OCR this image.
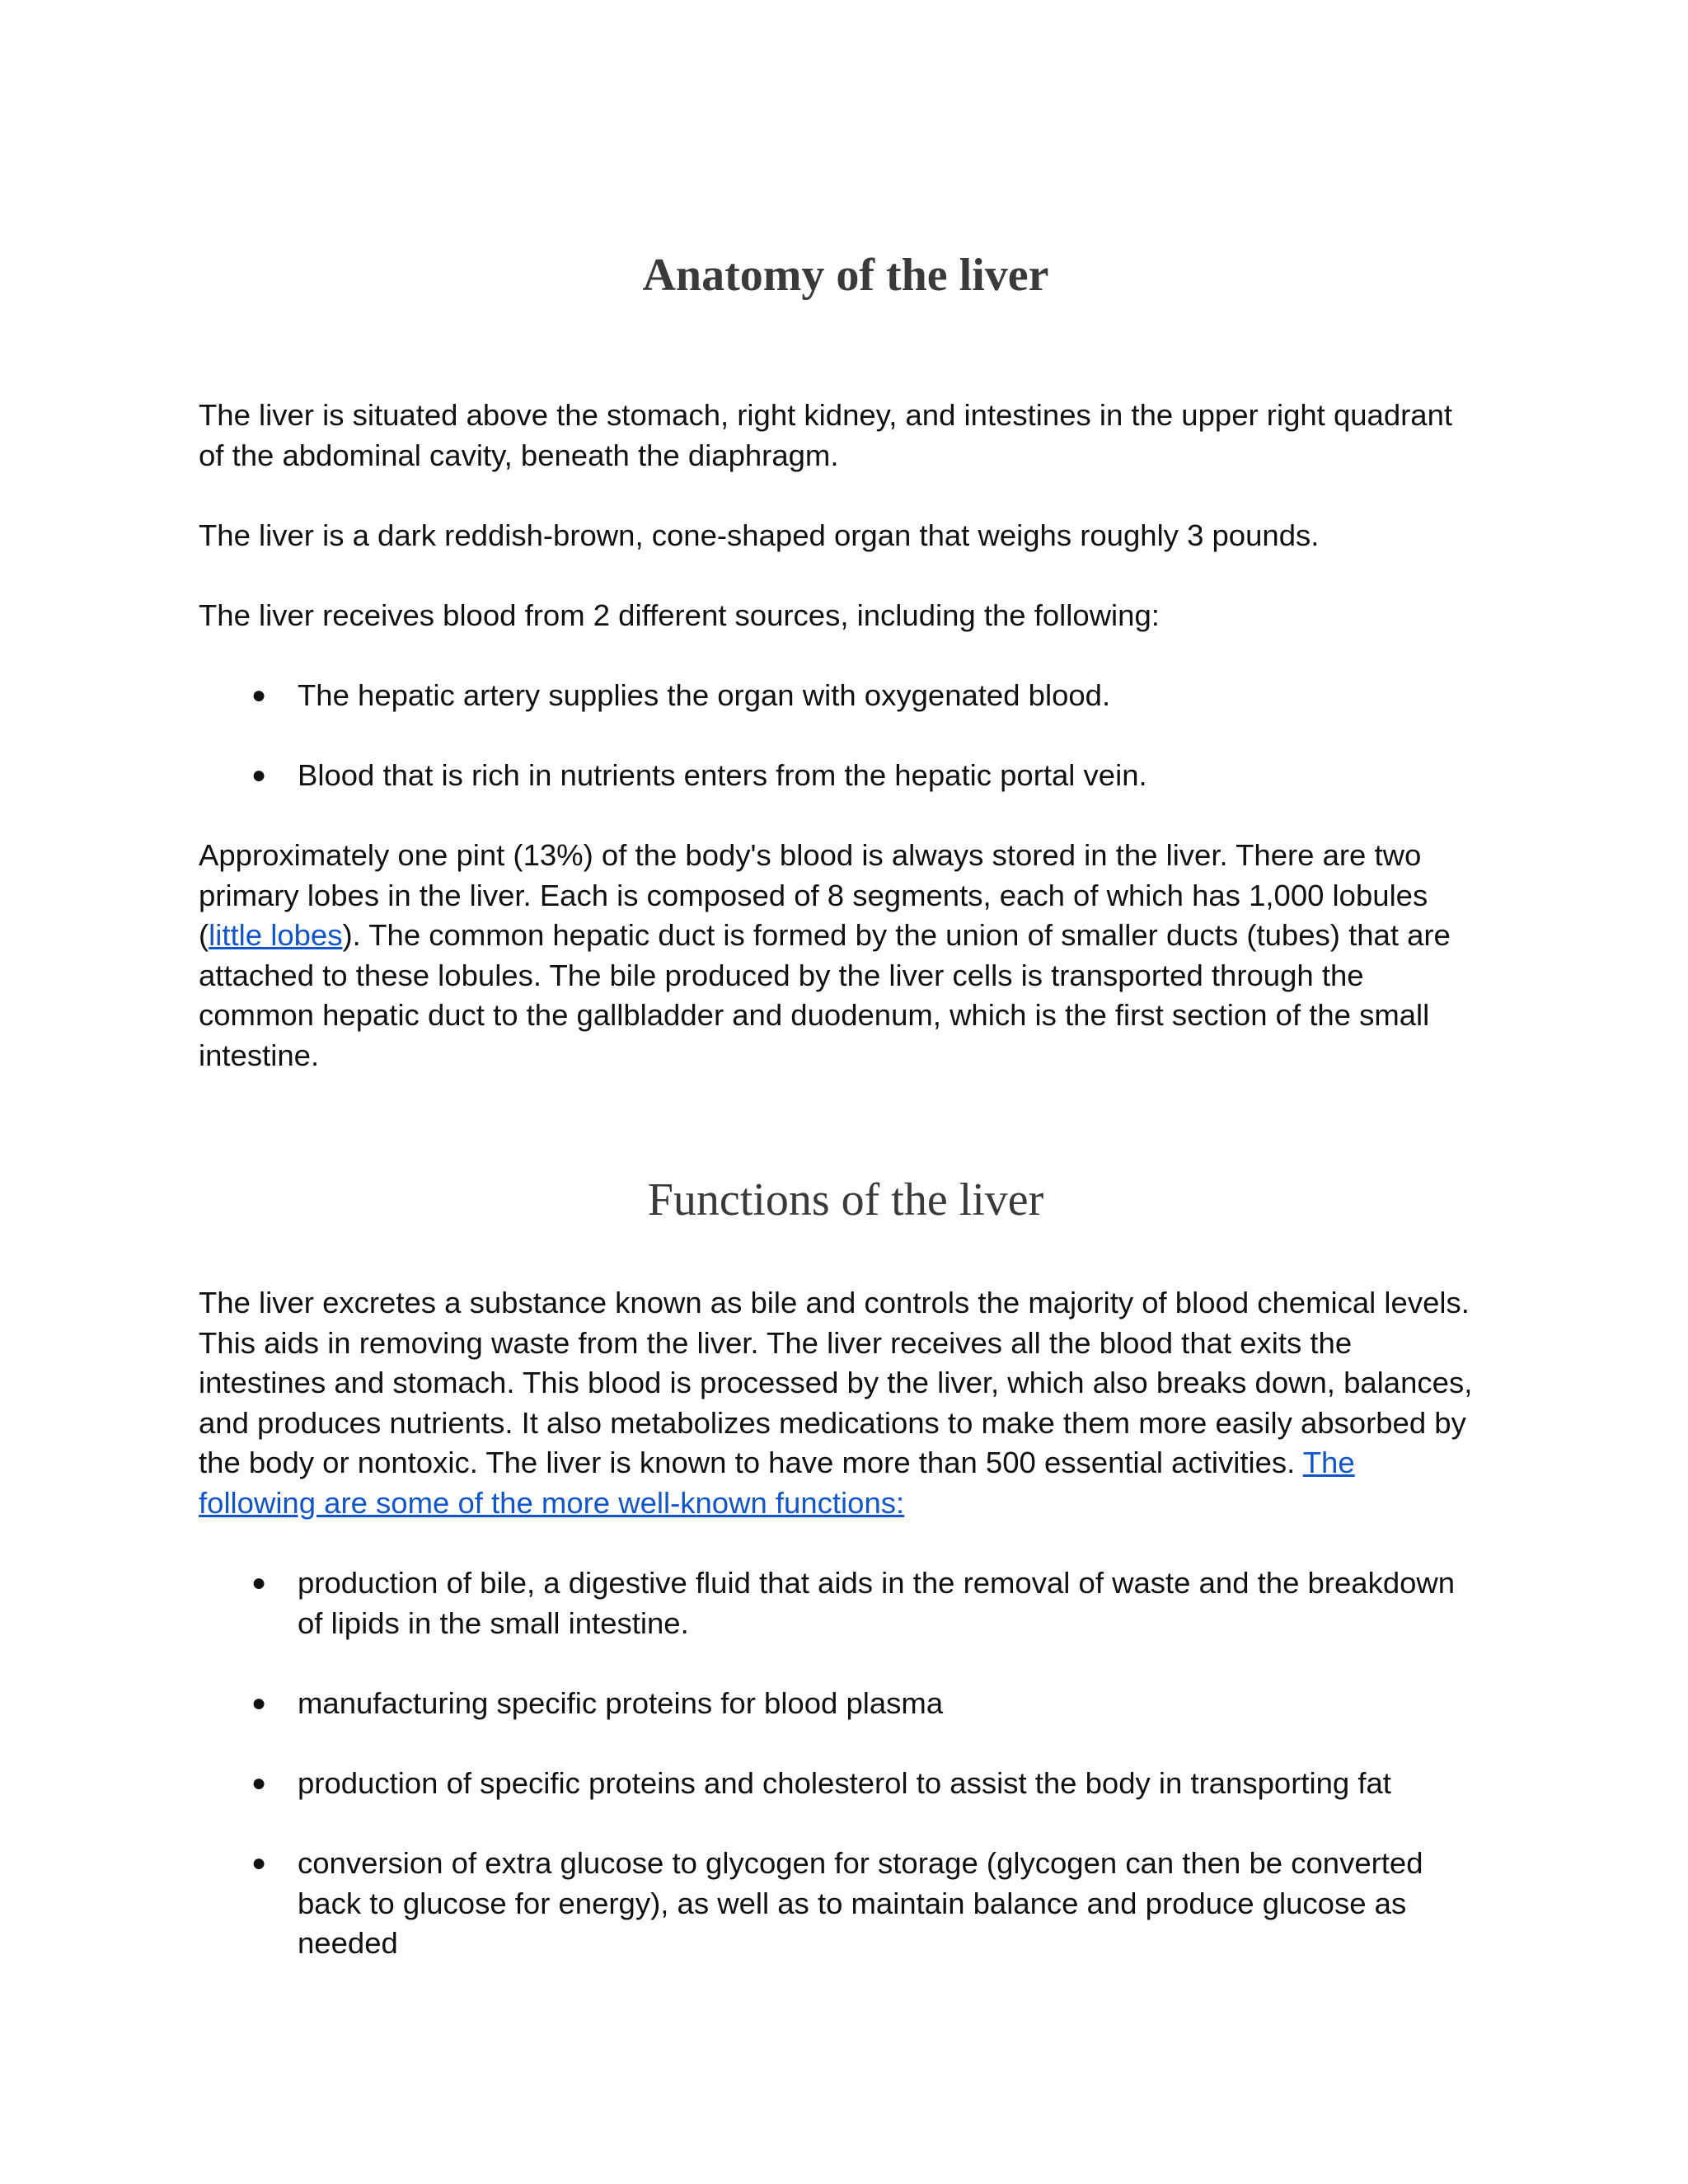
Anatomy of the liver
The liver is situated above the stomach, right kidney, and intestines in the upper right quadrant
of the abdominal cavity, beneath the diaphragm.
The liver is a dark reddish-brown, cone-shaped organ that weighs roughly 3 pounds.
The liver receives blood from 2 different sources, including the following:
● The hepatic artery supplies the organ with oxygenated blood.
● Blood that is rich in nutrients enters from the hepatic portal vein.
Approximately one pint (13%) of the body's blood is always stored in the liver. There are two
primary lobes in the liver. Each is composed of 8 segments, each of which has 1,000 lobules
(little lobes). The common hepatic duct is formed by the union of smaller ducts (tubes) that are
attached to these lobules. The bile produced by the liver cells is transported through the
common hepatic duct to the gallbladder and duodenum, which is the first section of the small
intestine.
Functions of the liver
The liver excretes a substance known as bile and controls the majority of blood chemical levels.
This aids in removing waste from the liver. The liver receives all the blood that exits the
intestines and stomach. This blood is processed by the liver, which also breaks down, balances,
and produces nutrients. It also metabolizes medications to make them more easily absorbed by
the body or nontoxic. The liver is known to have more than 500 essential activities. The
following are some of the more well-known functions:
● production of bile, a digestive fluid that aids in the removal of waste and the breakdown
of lipids in the small intestine.
● manufacturing specific proteins for blood plasma
● production of specific proteins and cholesterol to assist the body in transporting fat
● conversion of extra glucose to glycogen for storage (glycogen can then be converted
back to glucose for energy), as well as to maintain balance and produce glucose as
needed
